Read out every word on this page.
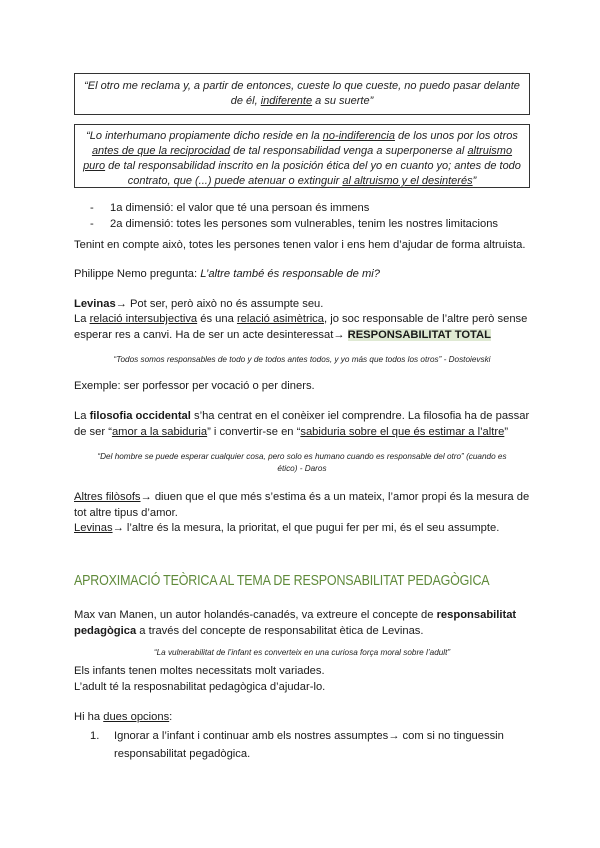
“El otro me reclama y, a partir de entonces, cueste lo que cueste, no puedo pasar delante
de él, indiferente a su suerte”
“Lo interhumano propiamente dicho reside en la no-indiferencia de los unos por los otros
antes de que la reciprocidad de tal responsabilidad venga a superponerse al altruismo
puro de tal responsabilidad inscrito en la posición ética del yo en cuanto yo; antes de todo
contrato, que (...) puede atenuar o extinguir al altruismo y el desinterés”
- 1a dimensió: el valor que té una persoan és immens
- 2a dimensió: totes les persones som vulnerables, tenim les nostres limitacions
Tenint en compte això, totes les persones tenen valor i ens hem d’ajudar de forma altruista.
Philippe Nemo pregunta: L’altre també és responsable de mi?
Levinas→ Pot ser, però això no és assumpte seu.
La relació intersubjectiva és una relació asimètrica, jo soc responsable de l’altre però sense
esperar res a canvi. Ha de ser un acte desinteressat→ RESPONSABILITAT TOTAL
“Todos somos responsables de todo y de todos antes todos, y yo más que todos los otros” - Dostoievski
Exemple: ser porfessor per vocació o per diners.
La filosofia occidental s’ha centrat en el conèixer iel comprendre. La filosofia ha de passar
de ser “amor a la sabiduria” i convertir-se en “sabiduria sobre el que és estimar a l’altre”
“Del hombre se puede esperar cualquier cosa, pero solo es humano cuando es responsable del otro” (cuando es
ético) - Daros
Altres filòsofs→ diuen que el que més s’estima és a un mateix, l’amor propi és la mesura de
tot altre tipus d’amor.
Levinas→ l’altre és la mesura, la prioritat, el que pugui fer per mi, és el seu assumpte.
APROXIMACIÓ TEÒRICA AL TEMA DE RESPONSABILITAT PEDAGÒGICA
Max van Manen, un autor holandés-canadés, va extreure el concepte de responsabilitat
pedagògica a través del concepte de responsabilitat ètica de Levinas.
“La vulnerabilitat de l’infant es converteix en una curiosa força moral sobre l’adult”
Els infants tenen moltes necessitats molt variades.
L’adult té la resposnabilitat pedagògica d’ajudar-lo.
Hi ha dues opcions:
1.	Ignorar a l’infant i continuar amb els nostres assumptes→ com si no tinguessin
responsabilitat pegadògica.
